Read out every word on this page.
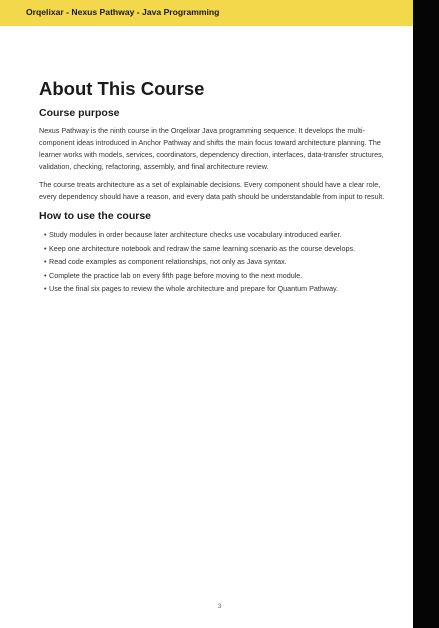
Orqelixar - Nexus Pathway - Java Programming
About This Course
Course purpose

Nexus Pathway is the ninth course in the Orqelixar Java programming sequence. It develops the multi-component ideas introduced in Anchor Pathway and shifts the main focus toward architecture planning. The learner works with models, services, coordinators, dependency direction, interfaces, data-transfer structures, validation, checking, refactoring, assembly, and final architecture review.

The course treats architecture as a set of explainable decisions. Every component should have a clear role, every dependency should have a reason, and every data path should be understandable from input to result.

How to use the course
• Study modules in order because later architecture checks use vocabulary introduced earlier.
• Keep one architecture notebook and redraw the same learning scenario as the course develops.
• Read code examples as component relationships, not only as Java syntax.
• Complete the practice lab on every fifth page before moving to the next module.
• Use the final six pages to review the whole architecture and prepare for Quantum Pathway.
3
